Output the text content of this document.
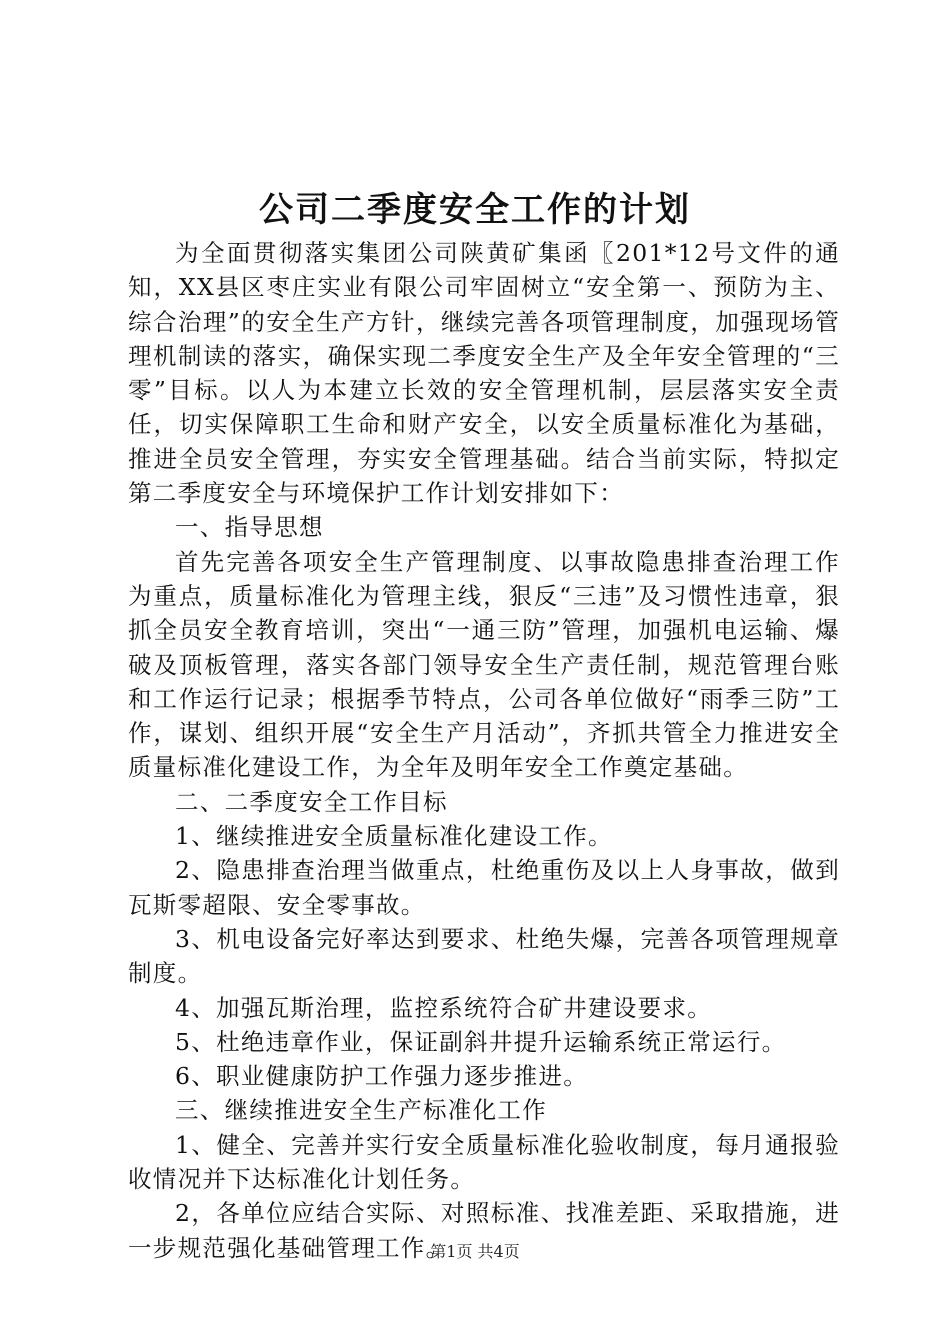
公司二季度安全工作的计划

为全面贯彻落实集团公司陕黄矿集函〖201*12号文件的通知，XX县区枣庄实业有限公司牢固树立“安全第一、预防为主、综合治理”的安全生产方针，继续完善各项管理制度，加强现场管理机制读的落实，确保实现二季度安全生产及全年安全管理的“三零”目标。以人为本建立长效的安全管理机制，层层落实安全责任，切实保障职工生命和财产安全，以安全质量标准化为基础，推进全员安全管理，夯实安全管理基础。结合当前实际，特拟定第二季度安全与环境保护工作计划安排如下：

一、指导思想

首先完善各项安全生产管理制度、以事故隐患排查治理工作为重点，质量标准化为管理主线，狠反“三违”及习惯性违章，狠抓全员安全教育培训，突出“一通三防”管理，加强机电运输、爆破及顶板管理，落实各部门领导安全生产责任制，规范管理台账和工作运行记录；根据季节特点，公司各单位做好“雨季三防”工作，谋划、组织开展“安全生产月活动”，齐抓共管全力推进安全质量标准化建设工作，为全年及明年安全工作奠定基础。

二、二季度安全工作目标

1、继续推进安全质量标准化建设工作。

2、隐患排查治理当做重点，杜绝重伤及以上人身事故，做到瓦斯零超限、安全零事故。

3、机电设备完好率达到要求、杜绝失爆，完善各项管理规章制度。

4、加强瓦斯治理，监控系统符合矿井建设要求。

5、杜绝违章作业，保证副斜井提升运输系统正常运行。

6、职业健康防护工作强力逐步推进。

三、继续推进安全生产标准化工作

1、健全、完善并实行安全质量标准化验收制度，每月通报验收情况并下达标准化计划任务。

2，各单位应结合实际、对照标准、找准差距、采取措施，进一步规范强化基础管理工作。

第1页 共4页
